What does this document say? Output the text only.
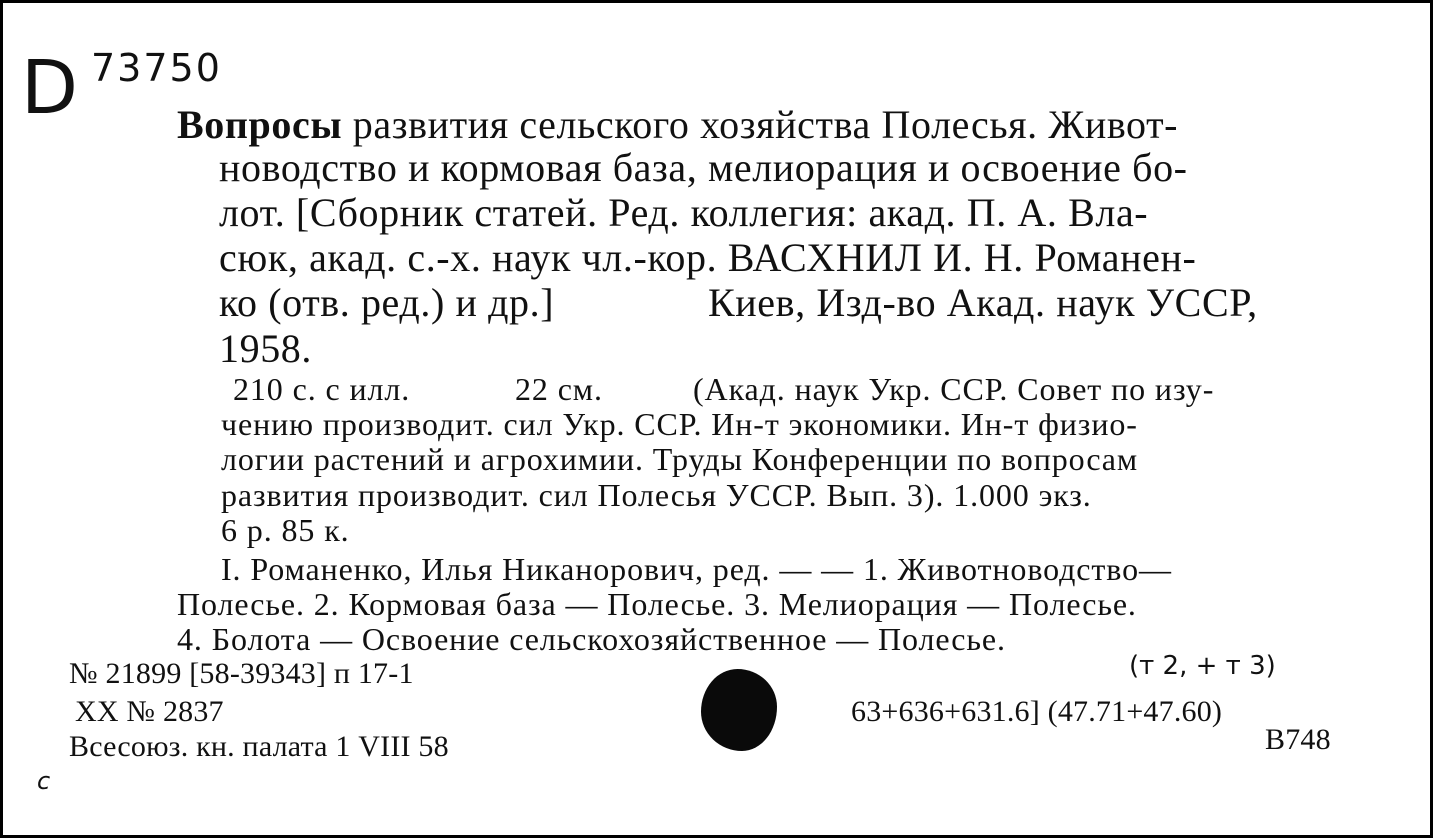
D 73750
Вопросы развития сельского хозяйства Полесья. Живот-
новодство и кормовая база, мелиорация и освоение бо-
лот. [Сборник статей. Ред. коллегия: акад. П. А. Вла-
сюк, акад. с.-х. наук чл.-кор. ВАСХНИЛ И. Н. Романен-
ко (отв. ред.) и др.]	Киев, Изд-во Акад. наук УССР,
1958.
210 с. с илл.	22 см.	(Акад. наук Укр. ССР. Совет по изу-
чению производит. сил Укр. ССР. Ин-т экономики. Ин-т физио-
логии растений и агрохимии. Труды Конференции по вопросам
развития производит. сил Полесья УССР. Вып. 3). 1.000 экз.
6 р. 85 к.
I. Романенко, Илья Никанорович, ред. — — 1. Животноводство—
Полесье. 2. Кормовая база — Полесье. 3. Мелиорация — Полесье.
4. Болота — Освоение сельскохозяйственное — Полесье.
№ 21899 [58-39343] п 17-1
XX № 2837
Всесоюз. кн. палата 1 VIII 58
(т 2, + т 3)
63+636+631.6] (47.71+47.60)
В748
с
